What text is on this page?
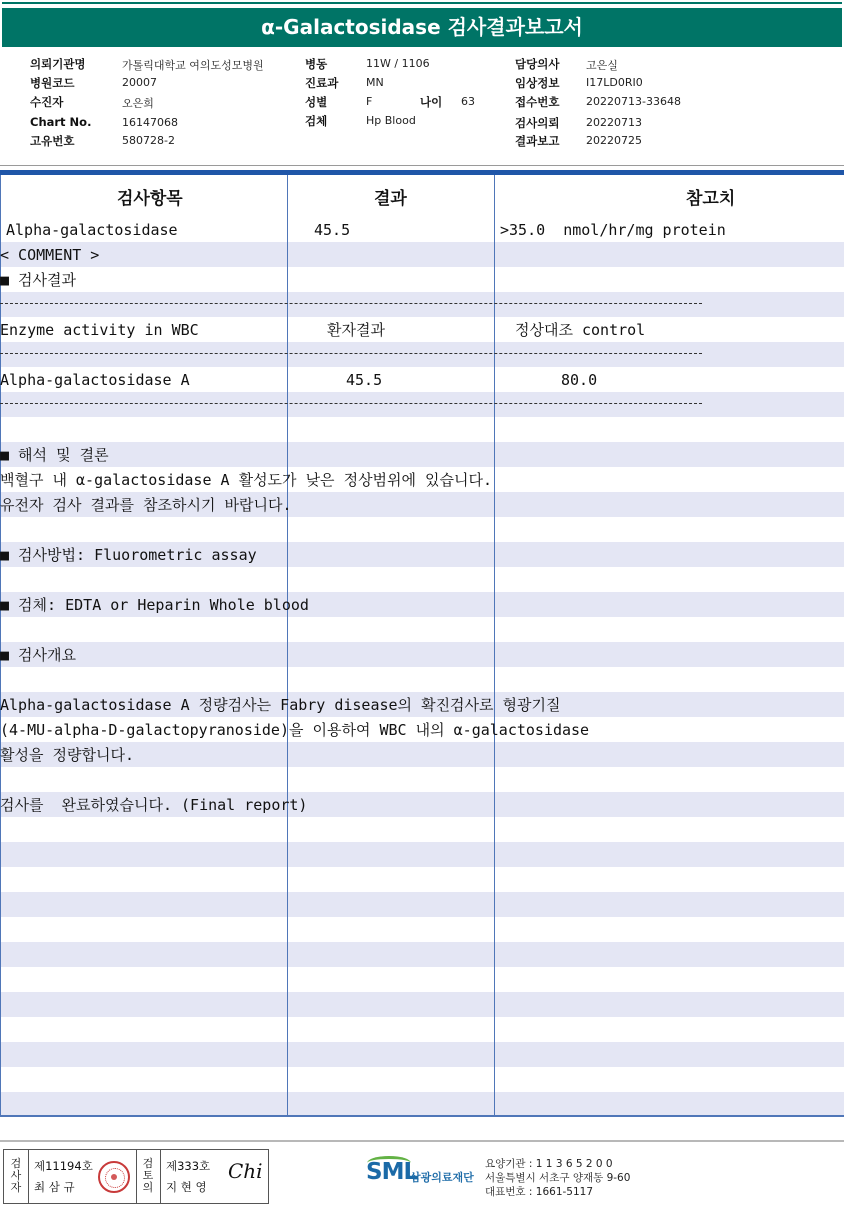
α-Galactosidase 검사결과보고서
의뢰기관명	가톨릭대학교 여의도성모병원
병원코드	20007
수진자	오은희
Chart No.	16147068
고유번호	580728-2
병동	11W / 1106
진료과	MN
성별	F	나이 63
검체	Hp Blood
담당의사 고은실
임상정보 I17LD0RI0
접수번호 20220713-33648
검사의뢰 20220713
결과보고 20220725
검사항목	결과	참고치
Alpha-galactosidase	45.5	>35.0  nmol/hr/mg protein
< COMMENT >
■ 검사결과
Enzyme activity in WBC	환자결과	정상대조 control
Alpha-galactosidase A	45.5	80.0
■ 해석 및 결론
백혈구 내 α-galactosidase A 활성도가 낮은 정상범위에 있습니다.
유전자 검사 결과를 참조하시기 바랍니다.
■ 검사방법: Fluorometric assay
■ 검체: EDTA or Heparin Whole blood
■ 검사개요
Alpha-galactosidase A 정량검사는 Fabry disease의 확진검사로 형광기질
(4-MU-alpha-D-galactopyranoside)을 이용하여 WBC 내의 α-galactosidase
활성을 정량합니다.
검사를  완료하였습니다. (Final report)
검사자
제11194호
최 삼 규
검토의
제333호
지 현 영
Chi	SML
삼광의료재단
요양기관 : 1 1 3 6 5 2 0 0
서울특별시 서초구 양재동 9-60
대표번호 : 1661-5117
